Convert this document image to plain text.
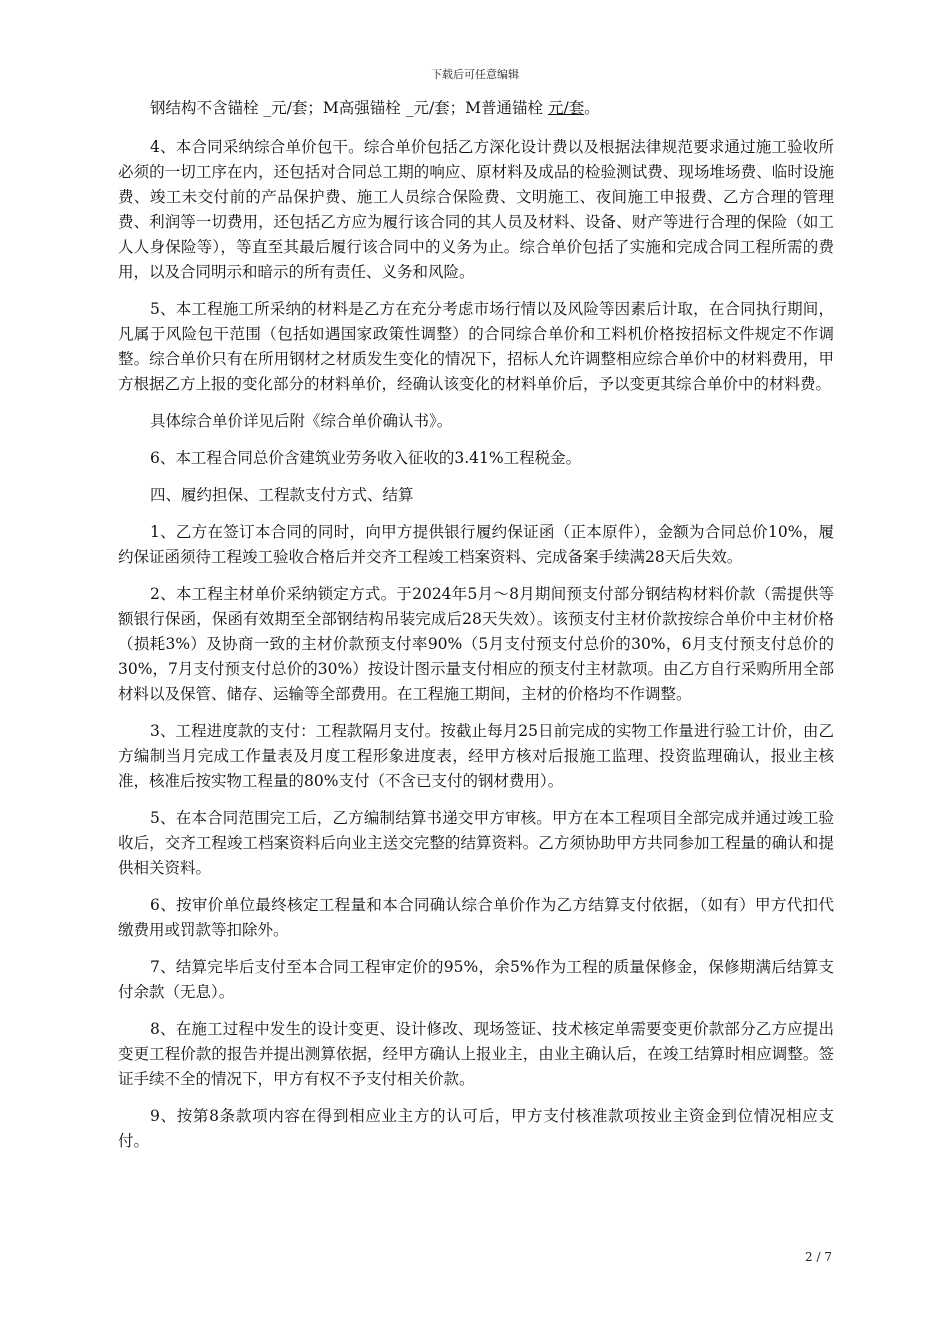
下载后可任意编辑

钢结构不含锚栓 _元/套；M高强锚栓 _元/套；M普通锚栓 元/套。

4、本合同采纳综合单价包干。综合单价包括乙方深化设计费以及根据法律规范要求通过施工验收所必须的一切工序在内，还包括对合同总工期的响应、原材料及成品的检验测试费、现场堆场费、临时设施费、竣工未交付前的产品保护费、施工人员综合保险费、文明施工、夜间施工申报费、乙方合理的管理费、利润等一切费用，还包括乙方应为履行该合同的其人员及材料、设备、财产等进行合理的保险（如工人人身保险等），等直至其最后履行该合同中的义务为止。综合单价包括了实施和完成合同工程所需的费用，以及合同明示和暗示的所有责任、义务和风险。

5、本工程施工所采纳的材料是乙方在充分考虑市场行情以及风险等因素后计取，在合同执行期间，凡属于风险包干范围（包括如遇国家政策性调整）的合同综合单价和工料机价格按招标文件规定不作调整。综合单价只有在所用钢材之材质发生变化的情况下，招标人允许调整相应综合单价中的材料费用，甲方根据乙方上报的变化部分的材料单价，经确认该变化的材料单价后，予以变更其综合单价中的材料费。

具体综合单价详见后附《综合单价确认书》。

6、本工程合同总价含建筑业劳务收入征收的3.41%工程税金。

四、履约担保、工程款支付方式、结算

1、乙方在签订本合同的同时，向甲方提供银行履约保证函（正本原件），金额为合同总价10%，履约保证函须待工程竣工验收合格后并交齐工程竣工档案资料、完成备案手续满28天后失效。

2、本工程主材单价采纳锁定方式。于2024年5月～8月期间预支付部分钢结构材料价款（需提供等额银行保函，保函有效期至全部钢结构吊装完成后28天失效）。该预支付主材价款按综合单价中主材价格（损耗3%）及协商一致的主材价款预支付率90%（5月支付预支付总价的30%，6月支付预支付总价的30%，7月支付预支付总价的30%）按设计图示量支付相应的预支付主材款项。由乙方自行采购所用全部材料以及保管、储存、运输等全部费用。在工程施工期间，主材的价格均不作调整。

3、工程进度款的支付：工程款隔月支付。按截止每月25日前完成的实物工作量进行验工计价，由乙方编制当月完成工作量表及月度工程形象进度表，经甲方核对后报施工监理、投资监理确认，报业主核准，核准后按实物工程量的80%支付（不含已支付的钢材费用）。

5、在本合同范围完工后，乙方编制结算书递交甲方审核。甲方在本工程项目全部完成并通过竣工验收后，交齐工程竣工档案资料后向业主送交完整的结算资料。乙方须协助甲方共同参加工程量的确认和提供相关资料。

6、按审价单位最终核定工程量和本合同确认综合单价作为乙方结算支付依据，（如有）甲方代扣代缴费用或罚款等扣除外。

7、结算完毕后支付至本合同工程审定价的95%，余5%作为工程的质量保修金，保修期满后结算支付余款（无息）。

8、在施工过程中发生的设计变更、设计修改、现场签证、技术核定单需要变更价款部分乙方应提出变更工程价款的报告并提出测算依据，经甲方确认上报业主，由业主确认后，在竣工结算时相应调整。签证手续不全的情况下，甲方有权不予支付相关价款。

9、按第8条款项内容在得到相应业主方的认可后，甲方支付核准款项按业主资金到位情况相应支付。

2 / 7
